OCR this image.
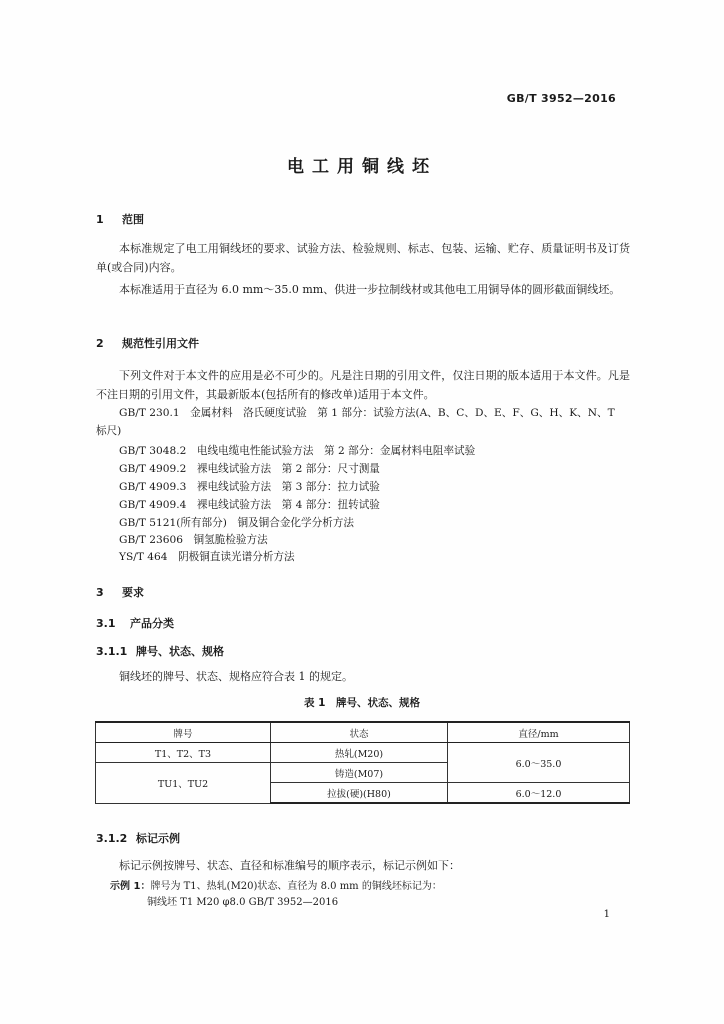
GB/T 3952—2016
电工用铜线坯
1 范围
本标准规定了电工用铜线坯的要求、试验方法、检验规则、标志、包装、运输、贮存、质量证明书及订货单(或合同)内容。
本标准适用于直径为 6.0 mm～35.0 mm、供进一步拉制线材或其他电工用铜导体的圆形截面铜线坯。
2 规范性引用文件
下列文件对于本文件的应用是必不可少的。凡是注日期的引用文件，仅注日期的版本适用于本文件。凡是不注日期的引用文件，其最新版本(包括所有的修改单)适用于本文件。
GB/T 230.1　金属材料　洛氏硬度试验　第 1 部分：试验方法(A、B、C、D、E、F、G、H、K、N、T
标尺)
GB/T 3048.2　电线电缆电性能试验方法　第 2 部分：金属材料电阻率试验
GB/T 4909.2　裸电线试验方法　第 2 部分：尺寸测量
GB/T 4909.3　裸电线试验方法　第 3 部分：拉力试验
GB/T 4909.4　裸电线试验方法　第 4 部分：扭转试验
GB/T 5121(所有部分)　铜及铜合金化学分析方法
GB/T 23606　铜氢脆检验方法
YS/T 464　阴极铜直读光谱分析方法
3 要求
3.1 产品分类
3.1.1 牌号、状态、规格
铜线坯的牌号、状态、规格应符合表 1 的规定。
表 1　牌号、状态、规格
牌号	状态	直径/mm
T1、T2、T3	热轧(M20)	6.0～35.0
TU1、TU2	铸造(M07)	
	拉拔(硬)(H80)	6.0～12.0
3.1.2 标记示例
标记示例按牌号、状态、直径和标准编号的顺序表示，标记示例如下：
示例 1：牌号为 T1、热轧(M20)状态、直径为 8.0 mm 的铜线坯标记为：
铜线坯 T1 M20 φ8.0 GB/T 3952—2016
1
